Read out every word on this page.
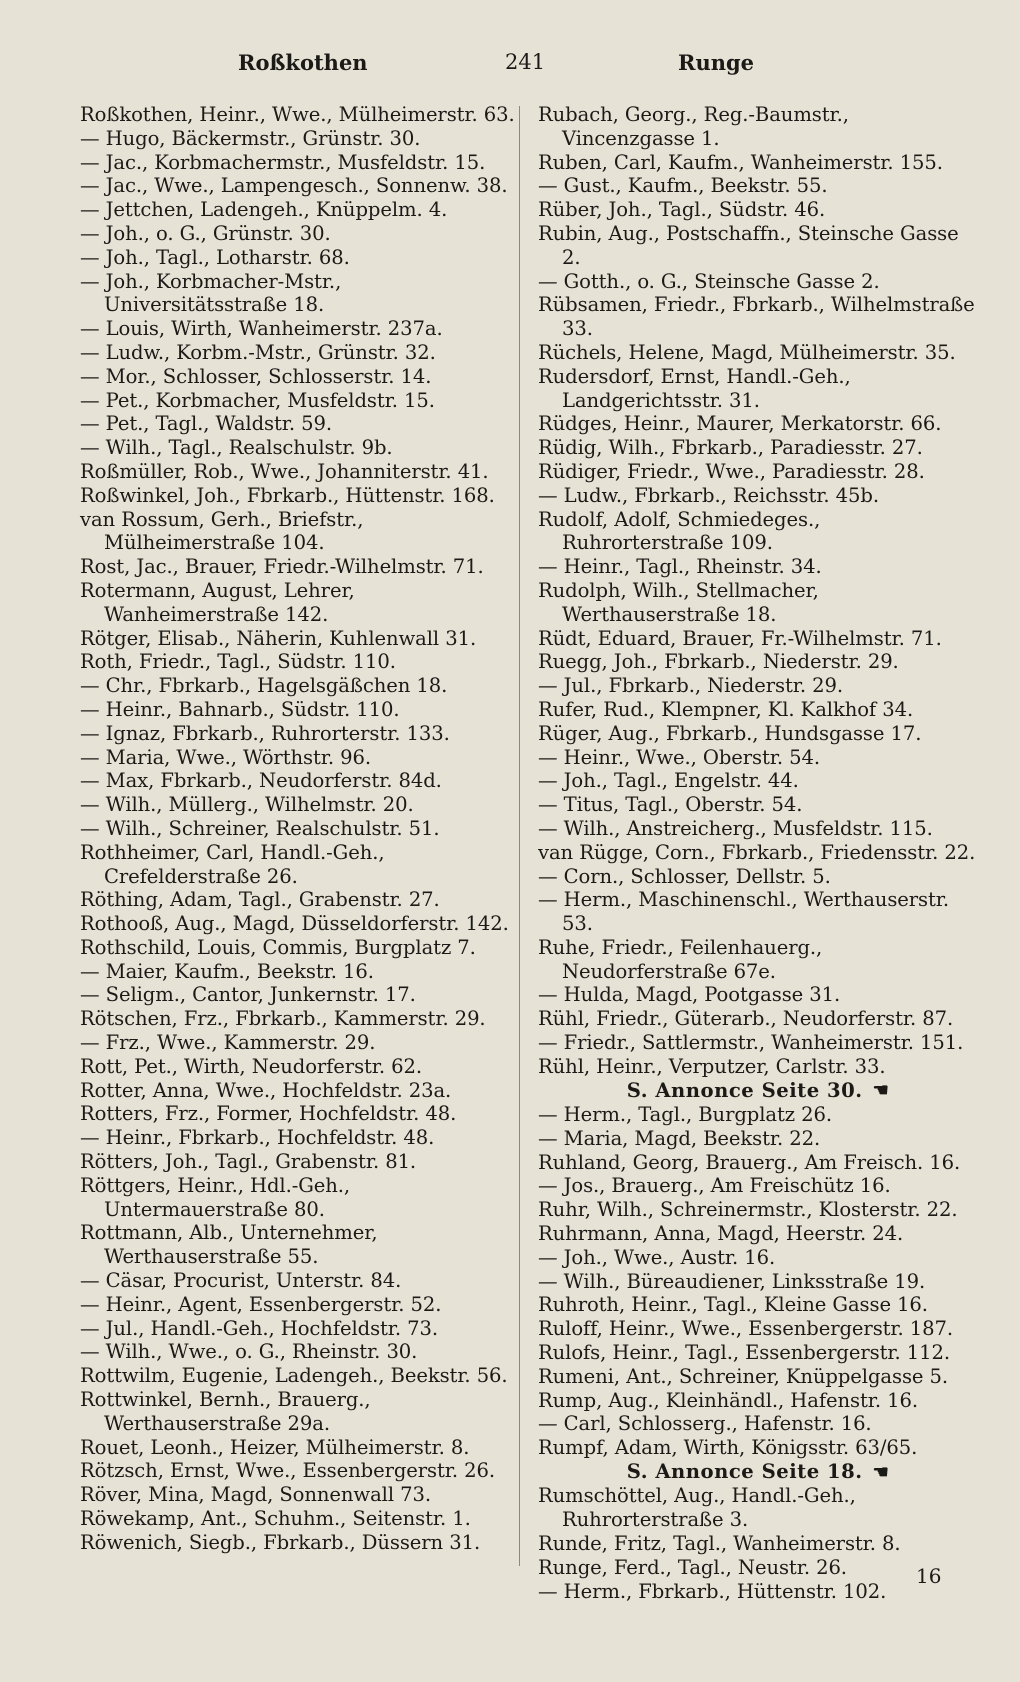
Roßkothen	241	Runge
Roßkothen, Heinr., Wwe., Mülheimerstr. 63.
— Hugo, Bäckermstr., Grünstr. 30.
— Jac., Korbmachermstr., Musfeldstr. 15.
— Jac., Wwe., Lampengesch., Sonnenw. 38.
— Jettchen, Ladengeh., Knüppelm. 4.
— Joh., o. G., Grünstr. 30.
— Joh., Tagl., Lotharstr. 68.
— Joh., Korbmacher-Mstr., Universitätsstraße 18.
— Louis, Wirth, Wanheimerstr. 237a.
— Ludw., Korbm.-Mstr., Grünstr. 32.
— Mor., Schlosser, Schlosserstr. 14.
— Pet., Korbmacher, Musfeldstr. 15.
— Pet., Tagl., Waldstr. 59.
— Wilh., Tagl., Realschulstr. 9b.
Roßmüller, Rob., Wwe., Johanniterstr. 41.
Roßwinkel, Joh., Fbrkarb., Hüttenstr. 168.
van Rossum, Gerh., Briefstr., Mülheimerstraße 104.
Rost, Jac., Brauer, Friedr.-Wilhelmstr. 71.
Rotermann, August, Lehrer, Wanheimerstraße 142.
Rötger, Elisab., Näherin, Kuhlenwall 31.
Roth, Friedr., Tagl., Südstr. 110.
— Chr., Fbrkarb., Hagelsgäßchen 18.
— Heinr., Bahnarb., Südstr. 110.
— Ignaz, Fbrkarb., Ruhrorterstr. 133.
— Maria, Wwe., Wörthstr. 96.
— Max, Fbrkarb., Neudorferstr. 84d.
— Wilh., Müllerg., Wilhelmstr. 20.
— Wilh., Schreiner, Realschulstr. 51.
Rothheimer, Carl, Handl.-Geh., Crefelderstraße 26.
Röthing, Adam, Tagl., Grabenstr. 27.
Rothooß, Aug., Magd, Düsseldorferstr. 142.
Rothschild, Louis, Commis, Burgplatz 7.
— Maier, Kaufm., Beekstr. 16.
— Seligm., Cantor, Junkernstr. 17.
Rötschen, Frz., Fbrkarb., Kammerstr. 29.
— Frz., Wwe., Kammerstr. 29.
Rott, Pet., Wirth, Neudorferstr. 62.
Rotter, Anna, Wwe., Hochfeldstr. 23a.
Rotters, Frz., Former, Hochfeldstr. 48.
— Heinr., Fbrkarb., Hochfeldstr. 48.
Rötters, Joh., Tagl., Grabenstr. 81.
Röttgers, Heinr., Hdl.-Geh., Untermauerstraße 80.
Rottmann, Alb., Unternehmer, Werthauserstraße 55.
— Cäsar, Procurist, Unterstr. 84.
— Heinr., Agent, Essenbergerstr. 52.
— Jul., Handl.-Geh., Hochfeldstr. 73.
— Wilh., Wwe., o. G., Rheinstr. 30.
Rottwilm, Eugenie, Ladengeh., Beekstr. 56.
Rottwinkel, Bernh., Brauerg., Werthauserstraße 29a.
Rouet, Leonh., Heizer, Mülheimerstr. 8.
Rötzsch, Ernst, Wwe., Essenbergerstr. 26.
Röver, Mina, Magd, Sonnenwall 73.
Röwekamp, Ant., Schuhm., Seitenstr. 1.
Röwenich, Siegb., Fbrkarb., Düssern 31.
Rubach, Georg., Reg.-Baumstr., Vincenzgasse 1.
Ruben, Carl, Kaufm., Wanheimerstr. 155.
— Gust., Kaufm., Beekstr. 55.
Rüber, Joh., Tagl., Südstr. 46.
Rubin, Aug., Postschaffn., Steinsche Gasse 2.
— Gotth., o. G., Steinsche Gasse 2.
Rübsamen, Friedr., Fbrkarb., Wilhelmstraße 33.
Rüchels, Helene, Magd, Mülheimerstr. 35.
Rudersdorf, Ernst, Handl.-Geh., Landgerichtsstr. 31.
Rüdges, Heinr., Maurer, Merkatorstr. 66.
Rüdig, Wilh., Fbrkarb., Paradiesstr. 27.
Rüdiger, Friedr., Wwe., Paradiesstr. 28.
— Ludw., Fbrkarb., Reichsstr. 45b.
Rudolf, Adolf, Schmiedeges., Ruhrorterstraße 109.
— Heinr., Tagl., Rheinstr. 34.
Rudolph, Wilh., Stellmacher, Werthauserstraße 18.
Rüdt, Eduard, Brauer, Fr.-Wilhelmstr. 71.
Ruegg, Joh., Fbrkarb., Niederstr. 29.
— Jul., Fbrkarb., Niederstr. 29.
Rufer, Rud., Klempner, Kl. Kalkhof 34.
Rüger, Aug., Fbrkarb., Hundsgasse 17.
— Heinr., Wwe., Oberstr. 54.
— Joh., Tagl., Engelstr. 44.
— Titus, Tagl., Oberstr. 54.
— Wilh., Anstreicherg., Musfeldstr. 115.
van Rügge, Corn., Fbrkarb., Friedensstr. 22.
— Corn., Schlosser, Dellstr. 5.
— Herm., Maschinenschl., Werthauserstr. 53.
Ruhe, Friedr., Feilenhauerg., Neudorferstraße 67e.
— Hulda, Magd, Pootgasse 31.
Rühl, Friedr., Güterarb., Neudorferstr. 87.
— Friedr., Sattlermstr., Wanheimerstr. 151.
Rühl, Heinr., Verputzer, Carlstr. 33.
S. Annonce Seite 30. ☚
— Herm., Tagl., Burgplatz 26.
— Maria, Magd, Beekstr. 22.
Ruhland, Georg, Brauerg., Am Freisch. 16.
— Jos., Brauerg., Am Freischütz 16.
Ruhr, Wilh., Schreinermstr., Klosterstr. 22.
Ruhrmann, Anna, Magd, Heerstr. 24.
— Joh., Wwe., Austr. 16.
— Wilh., Büreaudiener, Linksstraße 19.
Ruhroth, Heinr., Tagl., Kleine Gasse 16.
Ruloff, Heinr., Wwe., Essenbergerstr. 187.
Rulofs, Heinr., Tagl., Essenbergerstr. 112.
Rumeni, Ant., Schreiner, Knüppelgasse 5.
Rump, Aug., Kleinhändl., Hafenstr. 16.
— Carl, Schlosserg., Hafenstr. 16.
Rumpf, Adam, Wirth, Königsstr. 63/65.
S. Annonce Seite 18. ☚
Rumschöttel, Aug., Handl.-Geh., Ruhrorterstraße 3.
Runde, Fritz, Tagl., Wanheimerstr. 8.
Runge, Ferd., Tagl., Neustr. 26.
— Herm., Fbrkarb., Hüttenstr. 102.
16
